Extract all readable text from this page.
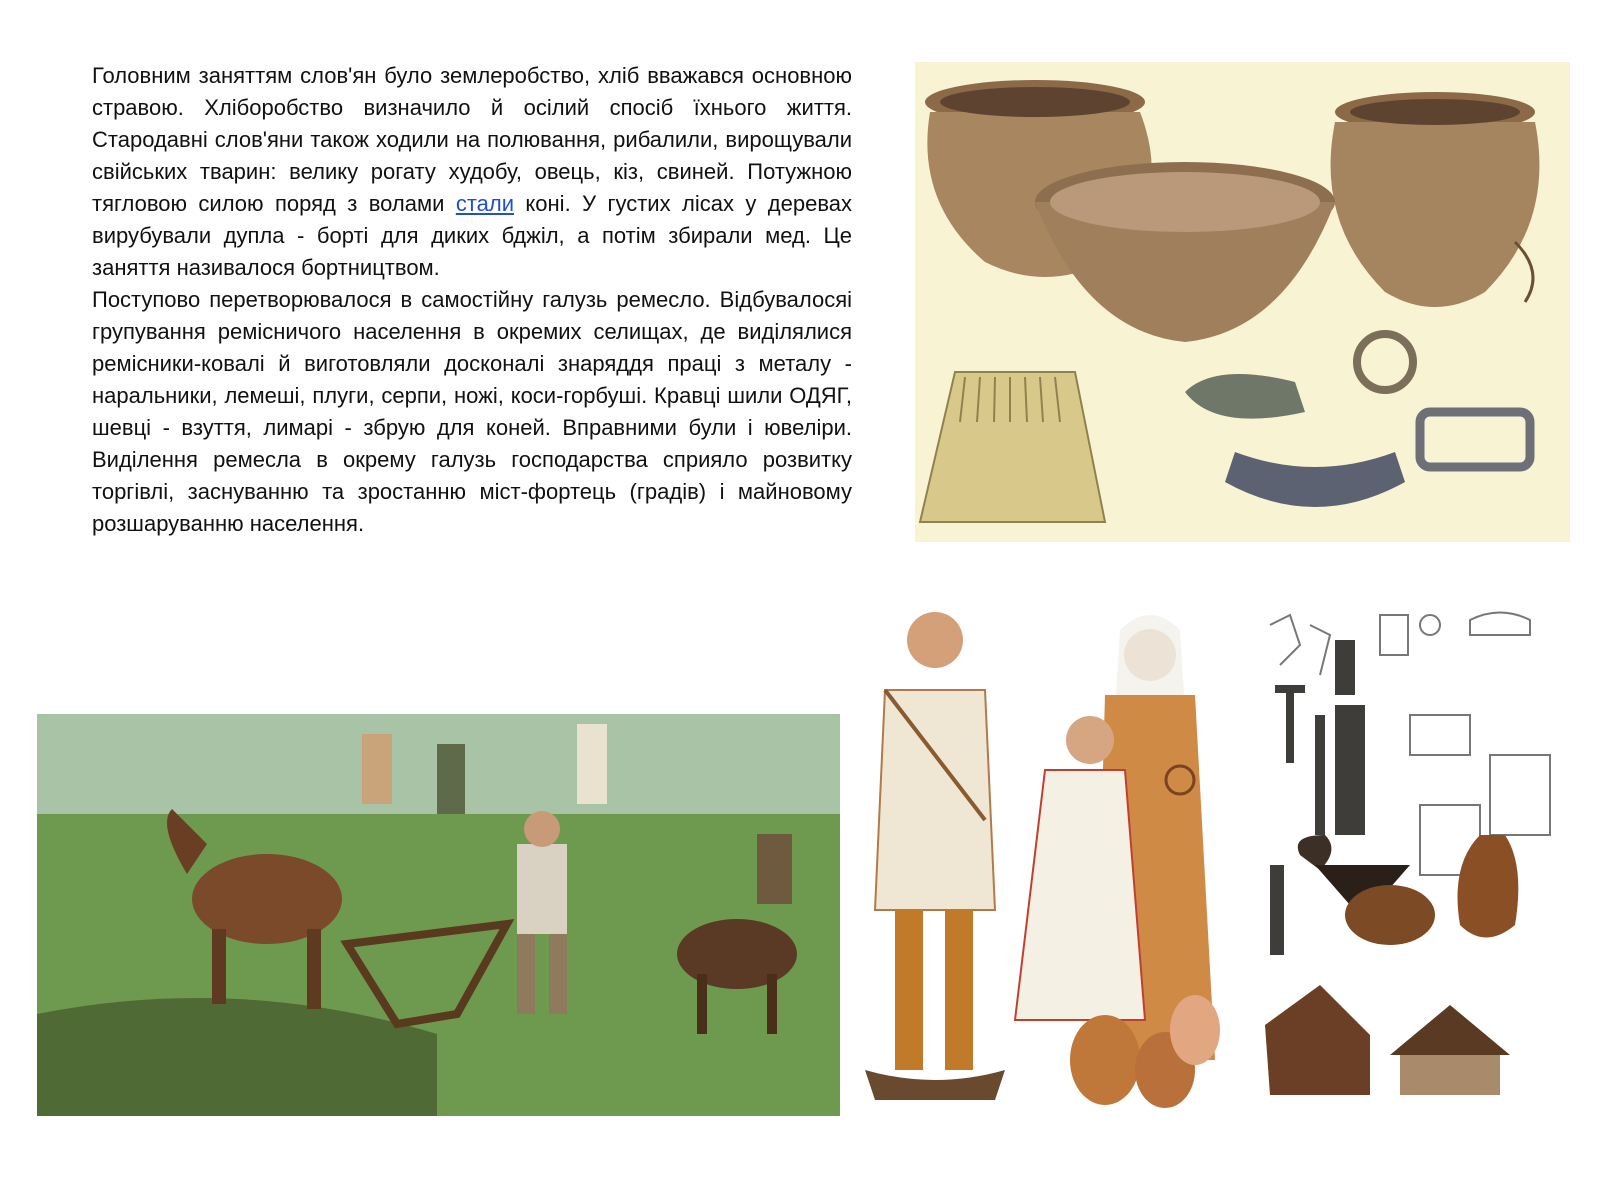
Головним заняттям слов'ян було землеробство, хліб вважався основною стравою. Хліборобство визначило й осілий спосіб їхнього життя. Стародавні слов'яни також ходили на полювання, рибалили, вирощували свійських тварин: велику рогату худобу, овець, кіз, свиней. Потужною тягловою силою поряд з волами стали коні. У густих лісах у деревах вирубували дупла - борті для диких бджіл, а потім збирали мед. Це заняття називалося бортництвом.

Поступово перетворювалося в самостійну галузь ремесло. Відбувалосяі групування ремісничого населення в окремих селищах, де виділялися ремісники-ковалі й виготовляли досконалі знаряддя праці з металу - наральники, лемеші, плуги, серпи, ножі, коси-горбуші. Кравці шили ОДЯГ, шевці - взуття, лимарі - збрую для коней. Вправними були і ювеліри. Виділення ремесла в окрему галузь господарства сприяло розвитку торгівлі, заснуванню та зростанню міст-фортець (градів) і майновому розшаруванню населення.
